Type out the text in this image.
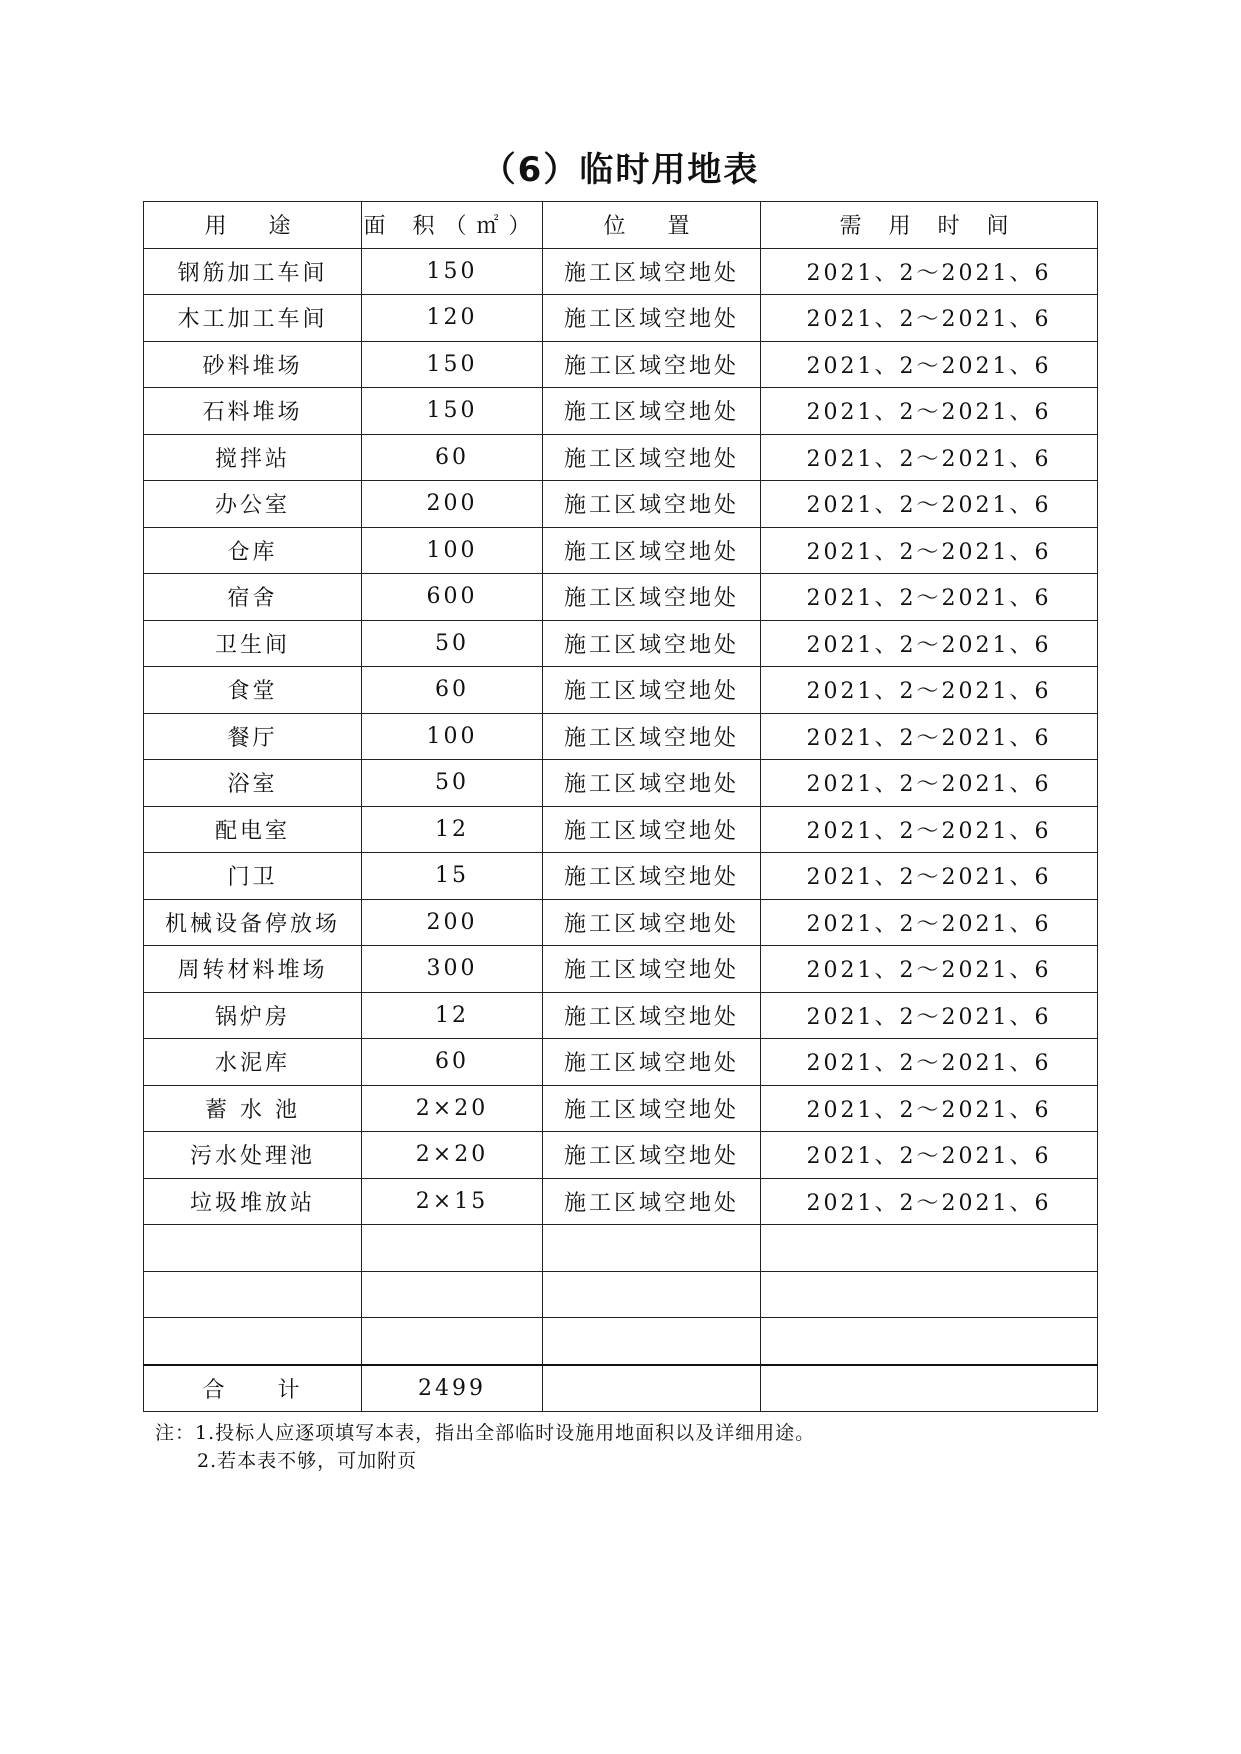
（6）临时用地表
用　途	面 积（㎡）	位　置	需 用 时 间
钢筋加工车间	150	施工区域空地处	2021、2～2021、6
木工加工车间	120	施工区域空地处	2021、2～2021、6
砂料堆场	150	施工区域空地处	2021、2～2021、6
石料堆场	150	施工区域空地处	2021、2～2021、6
搅拌站	60	施工区域空地处	2021、2～2021、6
办公室	200	施工区域空地处	2021、2～2021、6
仓库	100	施工区域空地处	2021、2～2021、6
宿舍	600	施工区域空地处	2021、2～2021、6
卫生间	50	施工区域空地处	2021、2～2021、6
食堂	60	施工区域空地处	2021、2～2021、6
餐厅	100	施工区域空地处	2021、2～2021、6
浴室	50	施工区域空地处	2021、2～2021、6
配电室	12	施工区域空地处	2021、2～2021、6
门卫	15	施工区域空地处	2021、2～2021、6
机械设备停放场	200	施工区域空地处	2021、2～2021、6
周转材料堆场	300	施工区域空地处	2021、2～2021、6
锅炉房	12	施工区域空地处	2021、2～2021、6
水泥库	60	施工区域空地处	2021、2～2021、6
蓄 水 池	2×20	施工区域空地处	2021、2～2021、6
污水处理池	2×20	施工区域空地处	2021、2～2021、6
垃圾堆放站	2×15	施工区域空地处	2021、2～2021、6

合　　计	2499		
注：1.投标人应逐项填写本表，指出全部临时设施用地面积以及详细用途。
2.若本表不够，可加附页
